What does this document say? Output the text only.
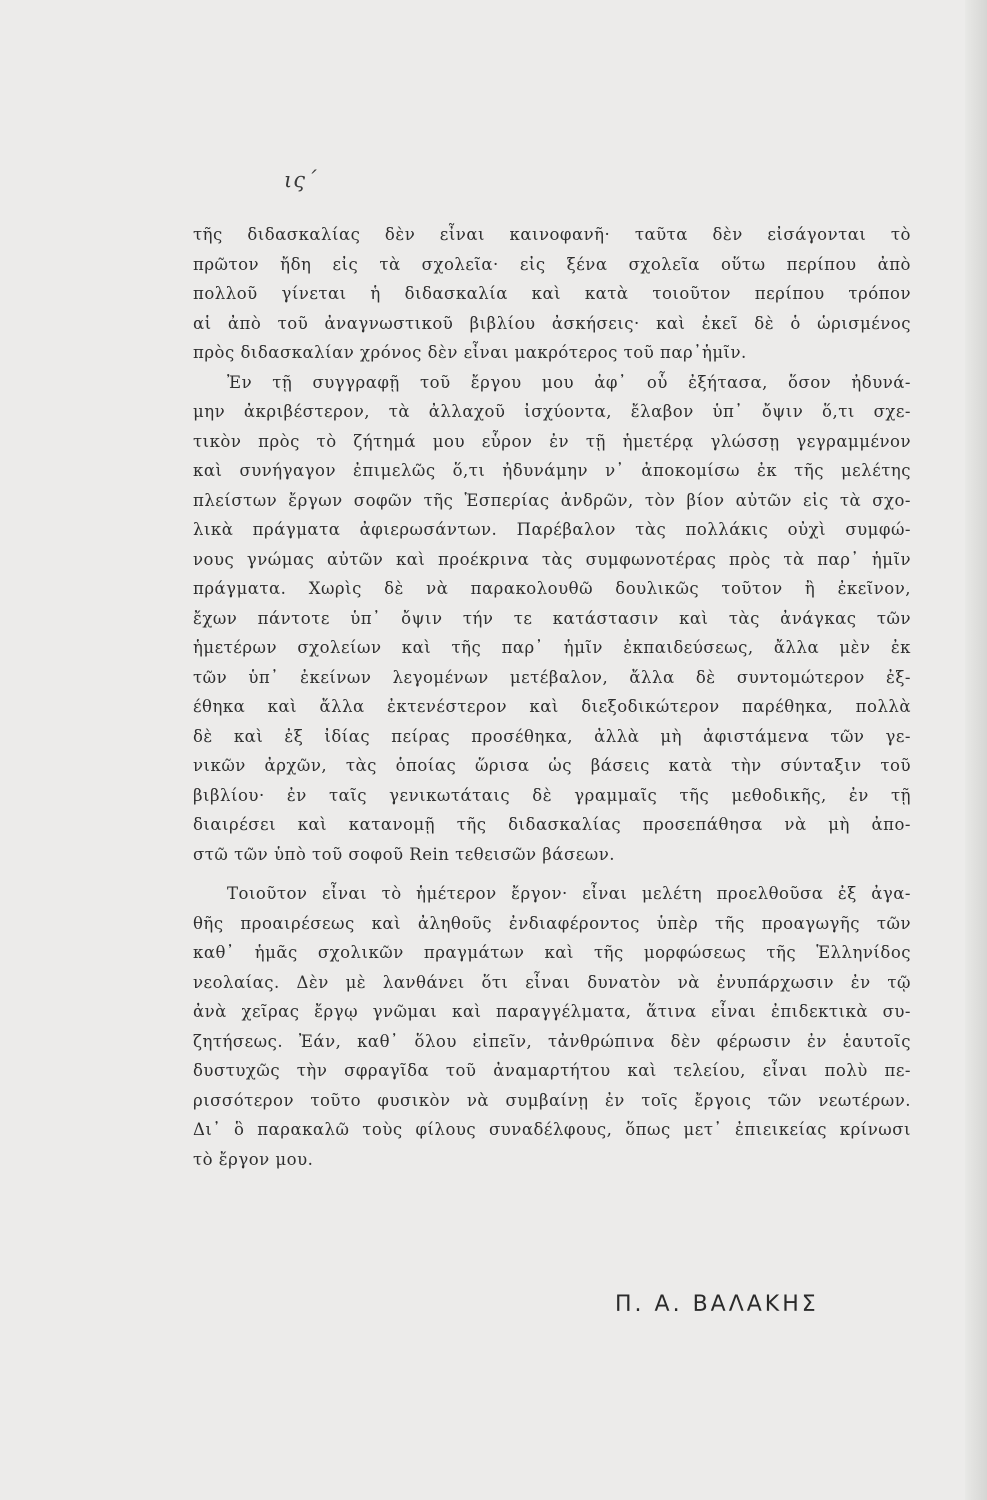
ις΄
τῆς διδασκαλίας δὲν εἶναι καινοφανῆ· ταῦτα δὲν εἰσάγονται τὸ
πρῶτον ἤδη εἰς τὰ σχολεῖα· εἰς ξένα σχολεῖα οὕτω περίπου ἀπὸ
πολλοῦ γίνεται ἡ διδασκαλία καὶ κατὰ τοιοῦτον περίπου τρόπον
αἱ ἀπὸ τοῦ ἀναγνωστικοῦ βιβλίου ἀσκήσεις· καὶ ἐκεῖ δὲ ὁ ὡρισμένος
πρὸς διδασκαλίαν χρόνος δὲν εἶναι μακρότερος τοῦ παρ᾿ἡμῖν.
Ἐν τῇ συγγραφῇ τοῦ ἔργου μου ἀφ᾿ οὗ ἐξήτασα, ὅσον ἠδυνά-
μην ἀκριβέστερον, τὰ ἀλλαχοῦ ἰσχύοντα, ἔλαβον ὑπ᾿ ὄψιν ὅ,τι σχε-
τικὸν πρὸς τὸ ζήτημά μου εὗρον ἐν τῇ ἡμετέρᾳ γλώσσῃ γεγραμμένον
καὶ συνήγαγον ἐπιμελῶς ὅ,τι ἠδυνάμην ν᾿ ἀποκομίσω ἐκ τῆς μελέτης
πλείστων ἔργων σοφῶν τῆς Ἑσπερίας ἀνδρῶν, τὸν βίον αὐτῶν εἰς τὰ σχο-
λικὰ πράγματα ἀφιερωσάντων. Παρέβαλον τὰς πολλάκις οὐχὶ συμφώ-
νους γνώμας αὐτῶν καὶ προέκρινα τὰς συμφωνοτέρας πρὸς τὰ παρ᾿ ἡμῖν
πράγματα. Χωρὶς δὲ νὰ παρακολουθῶ δουλικῶς τοῦτον ἢ ἐκεῖνον,
ἔχων πάντοτε ὑπ᾿ ὄψιν τήν τε κατάστασιν καὶ τὰς ἀνάγκας τῶν
ἡμετέρων σχολείων καὶ τῆς παρ᾿ ἡμῖν ἐκπαιδεύσεως, ἄλλα μὲν ἐκ
τῶν ὑπ᾿ ἐκείνων λεγομένων μετέβαλον, ἄλλα δὲ συντομώτερον ἐξ-
έθηκα καὶ ἄλλα ἐκτενέστερον καὶ διεξοδικώτερον παρέθηκα, πολλὰ
δὲ καὶ ἐξ ἰδίας πείρας προσέθηκα, ἀλλὰ μὴ ἀφιστάμενα τῶν γε-
νικῶν ἀρχῶν, τὰς ὁποίας ὥρισα ὡς βάσεις κατὰ τὴν σύνταξιν τοῦ
βιβλίου· ἐν ταῖς γενικωτάταις δὲ γραμμαῖς τῆς μεθοδικῆς, ἐν τῇ
διαιρέσει καὶ κατανομῇ τῆς διδασκαλίας προσεπάθησα νὰ μὴ ἀπο-
στῶ τῶν ὑπὸ τοῦ σοφοῦ Rein τεθεισῶν βάσεων.
Τοιοῦτον εἶναι τὸ ἡμέτερον ἔργον· εἶναι μελέτη προελθοῦσα ἐξ ἀγα-
θῆς προαιρέσεως καὶ ἀληθοῦς ἐνδιαφέροντος ὑπὲρ τῆς προαγωγῆς τῶν
καθ᾿ ἡμᾶς σχολικῶν πραγμάτων καὶ τῆς μορφώσεως τῆς Ἑλληνίδος
νεολαίας. Δὲν μὲ λανθάνει ὅτι εἶναι δυνατὸν νὰ ἐνυπάρχωσιν ἐν τῷ
ἀνὰ χεῖρας ἔργῳ γνῶμαι καὶ παραγγέλματα, ἅτινα εἶναι ἐπιδεκτικὰ συ-
ζητήσεως. Ἐάν, καθ᾿ ὅλου εἰπεῖν, τἀνθρώπινα δὲν φέρωσιν ἐν ἑαυτοῖς
δυστυχῶς τὴν σφραγῖδα τοῦ ἀναμαρτήτου καὶ τελείου, εἶναι πολὺ πε-
ρισσότερον τοῦτο φυσικὸν νὰ συμβαίνῃ ἐν τοῖς ἔργοις τῶν νεωτέρων.
Δι᾿ ὃ παρακαλῶ τοὺς φίλους συναδέλφους, ὅπως μετ᾿ ἐπιεικείας κρίνωσι
τὸ ἔργον μου.
Π. Α. ΒΑΛΑΚΗΣ
